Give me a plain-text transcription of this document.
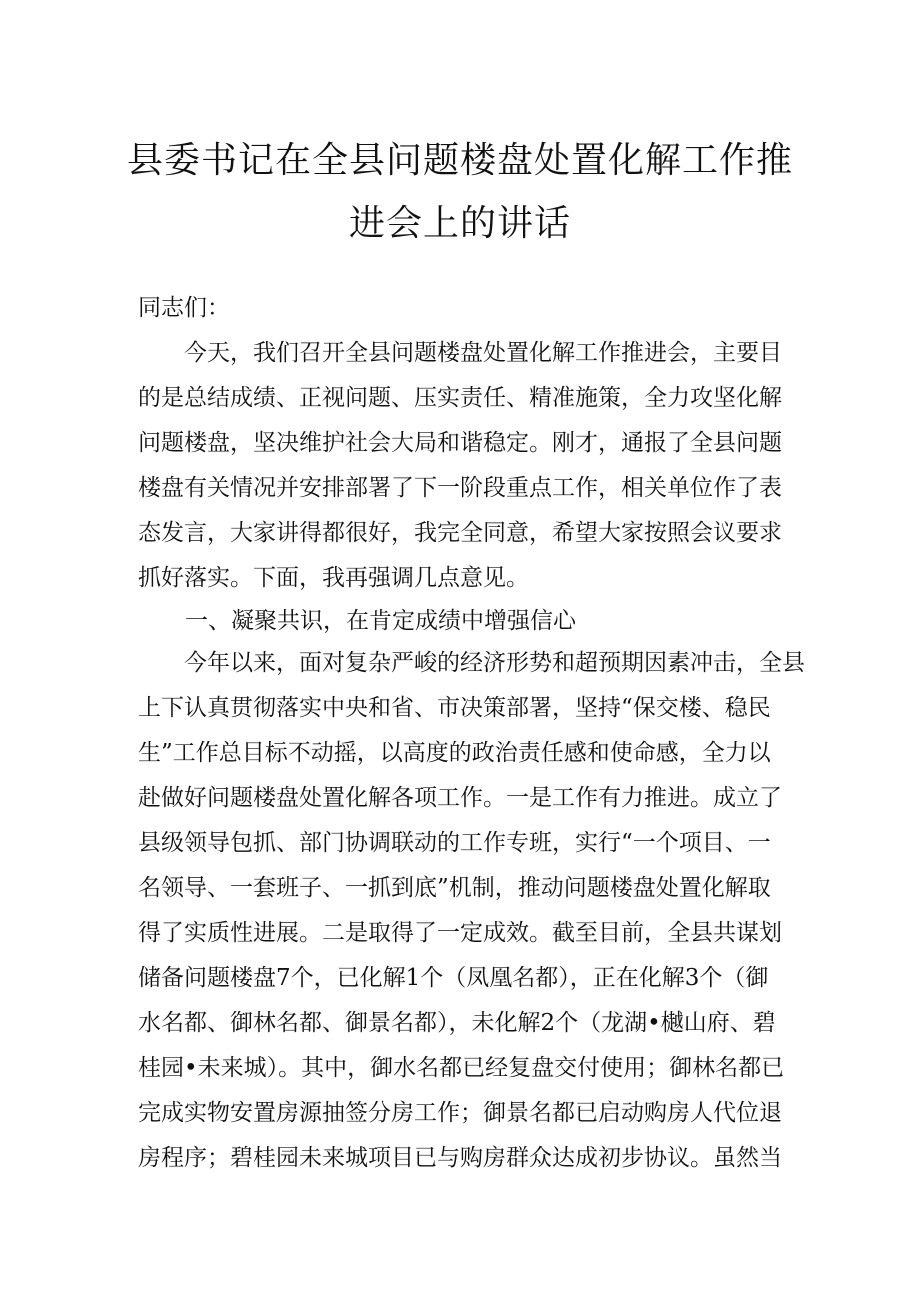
县委书记在全县问题楼盘处置化解工作推
进会上的讲话
同志们：
　　今天，我们召开全县问题楼盘处置化解工作推进会，主要目
的是总结成绩、正视问题、压实责任、精准施策，全力攻坚化解
问题楼盘，坚决维护社会大局和谐稳定。刚才，通报了全县问题
楼盘有关情况并安排部署了下一阶段重点工作，相关单位作了表
态发言，大家讲得都很好，我完全同意，希望大家按照会议要求
抓好落实。下面，我再强调几点意见。
一、凝聚共识，在肯定成绩中增强信心
　　今年以来，面对复杂严峻的经济形势和超预期因素冲击，全县
上下认真贯彻落实中央和省、市决策部署，坚持“保交楼、稳民
生”工作总目标不动摇，以高度的政治责任感和使命感，全力以
赴做好问题楼盘处置化解各项工作。一是工作有力推进。成立了
县级领导包抓、部门协调联动的工作专班，实行“一个项目、一
名领导、一套班子、一抓到底”机制，推动问题楼盘处置化解取
得了实质性进展。二是取得了一定成效。截至目前，全县共谋划
储备问题楼盘7个，已化解1个（凤凰名都），正在化解3个（御
水名都、御林名都、御景名都），未化解2个（龙湖•樾山府、碧
桂园•未来城）。其中，御水名都已经复盘交付使用；御林名都已
完成实物安置房源抽签分房工作；御景名都已启动购房人代位退
房程序；碧桂园未来城项目已与购房群众达成初步协议。虽然当
